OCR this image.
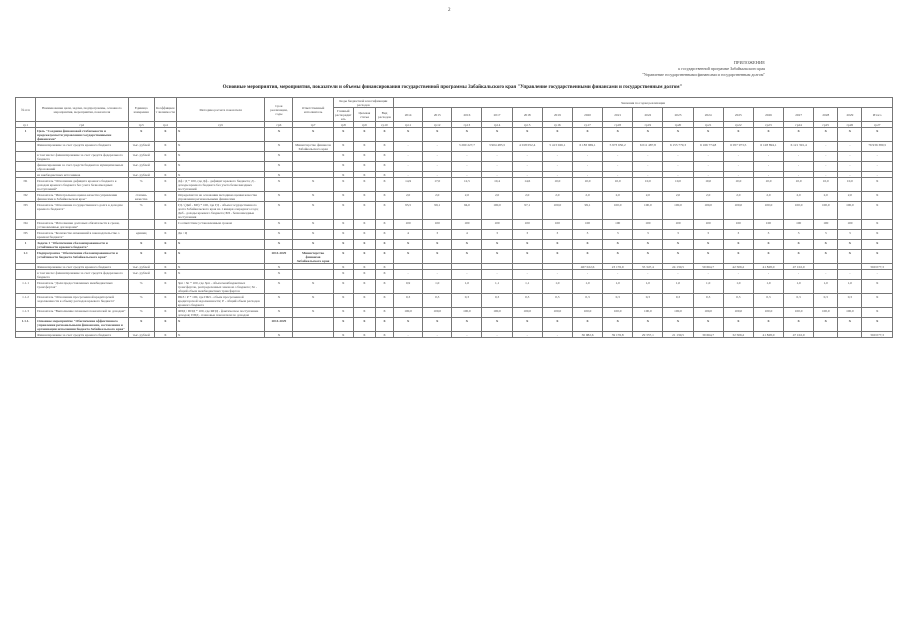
2
ПРИЛОЖЕНИЕ
к государственной программе Забайкальского края
"Управление государственными финансами и государственным долгом"
Основные мероприятия, мероприятия, показатели и объемы финансирования государственной программы Забайкальского края "Управление государственными финансами и государственным долгом"
№ п/п	Наименование цели, задачи, подпрограммы, основного мероприятия, мероприятия, показателя	Единица измерения	Коэффициент значимости	Методика расчета показателя	Срок реализации, годы	Ответственный исполнитель	Коды бюджетной классификации расходов			Значения по годам реализации																
							Главный распорядитель	Целевая статья	Вид расходов	2014	2015	2016	2017	2018	2019	2020	2021	2022	2023	2024	2025	2026	2027	2028	2029	Итого
гр1	гр2	гр3	гр4	гр5	гр6	гр7	гр8	гр9	гр10	гр11	гр12	гр13	гр14	гр15	гр16	гр17	гр18	гр19	гр20	гр21	гр22	гр23	гр24	гр25	гр26	гр27
1	Цель "Создание финансовой стабильности и предсказуемости управления государственными финансами"	X	X	X	X	X	X	X	X	X	X	X	X	X	X	X	X	X	X	X	X	X	X	X	X	X
	Финансирование за счет средств краевого бюджета	тыс. рублей	X	X	X	Министерство финансов Забайкальского края	X	X	X	-	-	3 260 227,7	3 904 485,5	4 018 052,4	5 413 026,1	6 183 969,1	5 973 650,2	6 011 487,8	6 155 779,3	6 166 774,8	6 057 973,5	6 128 894,1	6 121 391,4	-	-	76 936 380,5
	в том числе: финансирование за счет средств федерального бюджета	тыс. рублей	X	X	X		X	X	X	-	-	-	-	-	-	-	-	-	-	-	-	-	-	-	-	-
	финансирование за счет средств бюджетов муниципальных образований	тыс. рублей	X	X	X		X	X	X	-	-	-	-	-	-	-	-	-	-	-	-	-	-	-	-	-
	из внебюджетных источников	тыс. рублей	X	X	X		X	X	X	-	-	-	-	-	-	-	-	-	-	-	-	-	-	-	-	-
П1	Показатель "Отношение дефицита краевого бюджета к доходам краевого бюджета без учета безвозмездных поступлений"	%	X	Дф / Д * 100, где Дф - дефицит краевого бюджета; Д - доходы краевого бюджета без учета безвозмездных поступлений	X	X	X	X	X	14,9	17,0	12,5	10,4	14,6	10,0	10,0	10,0	10,0	10,0	10,0	10,0	10,0	10,0	10,0	10,0	X
П2	Показатель "Интегральная оценка качества управления финансами в Забайкальском крае"	степень качества	X	Определяется на основании методики оценки качества управления региональными финансами	X	X	X	X	X	2,0	2,0	2,0	2,0	2,0	2,0	2,0	2,0	2,0	2,0	2,0	2,0	2,0	2,0	2,0	2,0	X
П3	Показатель "Отношение государственного долга к доходам краевого бюджета"	%	X	ГД / (Дкб - БП) * 100, где ГД - объем государственного долга Забайкальского края на 1 января очередного года; Дкб - доходы краевого бюджета; БП - безвозмездные поступления	X	X	X	X	X	95,5	99,1	94,0	100,0	97,1	100,0	99,1	100,0	100,0	100,0	100,0	100,0	100,0	100,0	100,0	100,0	X
П4	Показатель "Исполнение долговых обязательств в сроки, установленные договорами"		X	Соответствие установленным срокам	X	X	X	X	X	100	100	100	100	100	100	100	100	100	100	100	100	100	100	100	100	X
П5	Показатель "Количество изменений в законодательстве о краевом бюджете"	единиц	X	Дн / Ц	X	X	X	X	X	4	3	4	3	3	3	3	3	3	3	3	3	3	3	3	3	X
1	Задача 1 "Обеспечение сбалансированности и устойчивости краевого бюджета"	X	X	X	X	X	X	X	X	X	X	X	X	X	X	X	X	X	X	X	X	X	X	X	X	X
1.1	Подпрограмма "Обеспечение сбалансированности и устойчивости бюджета Забайкальского края"	X	X	X	2014-2029	Министерство финансов Забайкальского края	X	X	X	X	X	X	X	X	X	X	X	X	X	X	X	X	X	X	X	X
	Финансирование за счет средств краевого бюджета	тыс. рублей	X	X	X		X	X	X							467 022,6	23 176,9	35 347,4	24 130,5	59 664,7	42 506,2	41 828,0	47 102,0			560 077,3
	в том числе: финансирование за счет средств федерального бюджета	тыс. рублей	X	X	X		X	X	X	-	-	-	-	-	-	-	-	-	-	-	-	-	-	-	-	-
1.1.1	Показатель "Доля предоставленных межбюджетных трансфертов"	%	X	Зрп / Зп * 100, где Зрп - объем межбюджетных трансфертов, распределенных законом о бюджете; Зп - общий объем межбюджетных трансфертов	X	X	X	X	X	0,9	1,0	1,0	1,1	1,1	1,0	1,0	1,0	1,0	1,0	1,0	1,0	1,0	1,0	1,0	1,0	X
1.1.2	Показатель "Отношение просроченной кредиторской задолженности к объему расходов краевого бюджета"	%	X	ПКЗ / Р * 100, где ПКЗ - объем просроченной кредиторской задолженности; Р - общий объем расходов краевого бюджета	X	X	X	X	X	0,3	0,3	0,3	0,3	0,3	0,3	0,3	0,3	0,3	0,3	0,3	0,3	0,3	0,3	0,3	0,3	X
1.1.3	Показатель "Выполнение плановых показателей по доходам"	%	X	ФПД / ППД * 100, где ФПД - фактическое поступление доходов; ППД - плановые показатели по доходам	X	X	X	X	X	100,0	100,0	100,0	100,0	100,0	100,0	100,0	100,0	100,0	100,0	100,0	100,0	100,0	100,0	100,0	100,0	X
1.1.1.	Основное мероприятие "Обеспечение эффективного управления региональными финансами, составления и организации исполнения бюджета Забайкальского края"	X	X	X	2014-2029		X	X	X	X	X	X	X	X	X	X	X	X	X	X	X	X	X	X	X	X
	Финансирование за счет средств краевого бюджета	тыс. рублей	X	X	X		X	X	X	-	-	-	-	-	-	36 982,6	39 176,8	29 357,1	21 130,5	39 664,7	32 506,2	41 828,0	47 102,0			560 077,3
